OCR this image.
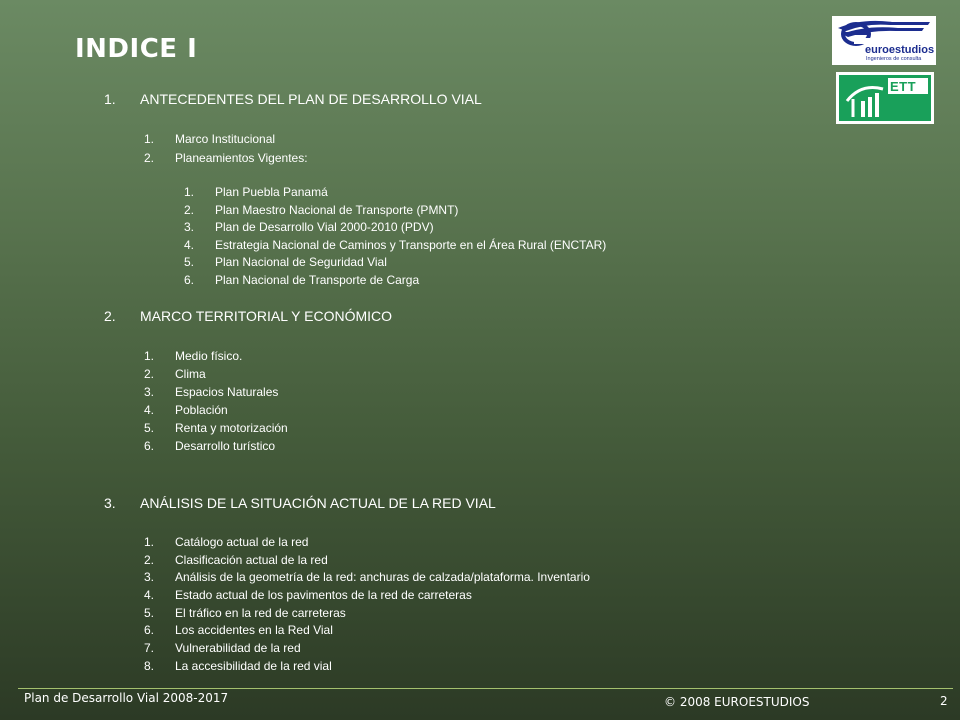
INDICE I	euroestudios
Ingenieros de consulta
ETT
1. ANTECEDENTES DEL PLAN DE DESARROLLO VIAL
1. Marco Institucional
2. Planeamientos Vigentes:
1. Plan Puebla Panamá
2. Plan Maestro Nacional de Transporte (PMNT)
3. Plan de Desarrollo Vial 2000-2010 (PDV)
4. Estrategia Nacional de Caminos y Transporte en el Área Rural (ENCTAR)
5. Plan Nacional de Seguridad Vial
6. Plan Nacional de Transporte de Carga
2. MARCO TERRITORIAL Y ECONÓMICO
1. Medio físico.
2. Clima
3. Espacios Naturales
4. Población
5. Renta y motorización
6. Desarrollo turístico
3. ANÁLISIS DE LA SITUACIÓN ACTUAL DE LA RED VIAL
1. Catálogo actual de la red
2. Clasificación actual de la red
3. Análisis de la geometría de la red: anchuras de calzada/plataforma. Inventario
4. Estado actual de los pavimentos de la red de carreteras
5. El tráfico en la red de carreteras
6. Los accidentes en la Red Vial
7. Vulnerabilidad de la red
8. La accesibilidad de la red vial
Plan de Desarrollo Vial 2008-2017	© 2008 EUROESTUDIOS	2
